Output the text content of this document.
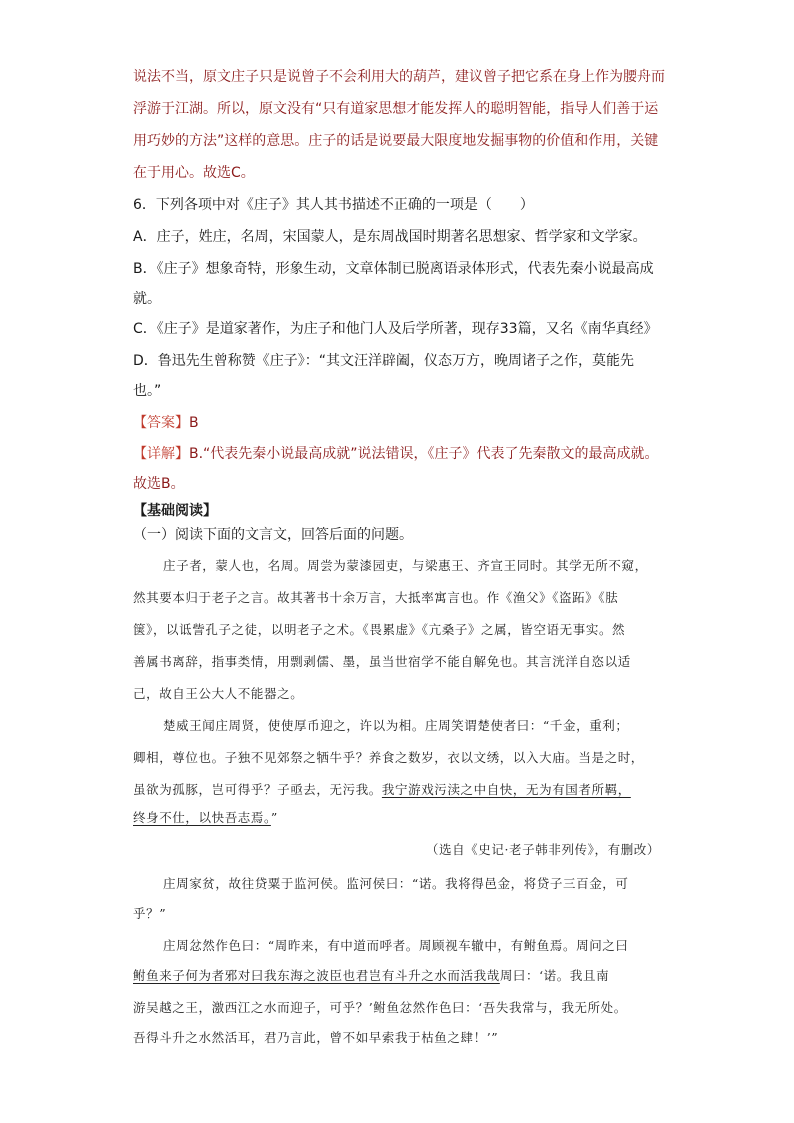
说法不当，原文庄子只是说曾子不会利用大的葫芦，建议曾子把它系在身上作为腰舟而
浮游于江湖。所以，原文没有“只有道家思想才能发挥人的聪明智能，指导人们善于运
用巧妙的方法”这样的意思。庄子的话是说要最大限度地发掘事物的价值和作用，关键
在于用心。故选C。
6．下列各项中对《庄子》其人其书描述不正确的一项是（　　）
A．庄子，姓庄，名周，宋国蒙人，是东周战国时期著名思想家、哲学家和文学家。
B．《庄子》想象奇特，形象生动，文章体制已脱离语录体形式，代表先秦小说最高成
就。
C．《庄子》是道家著作，为庄子和他门人及后学所著，现存33篇，又名《南华真经》
D．鲁迅先生曾称赞《庄子》：“其文汪洋辟阖，仪态万方，晚周诸子之作，莫能先
也。”
【答案】B
【详解】B.“代表先秦小说最高成就”说法错误，《庄子》代表了先秦散文的最高成就。
故选B。
【基础阅读】
（一）阅读下面的文言文，回答后面的问题。
庄子者，蒙人也，名周。周尝为蒙漆园吏，与梁惠王、齐宣王同时。其学无所不窥，
然其要本归于老子之言。故其著书十余万言，大抵率寓言也。作《渔父》《盗跖》《胠
箧》，以诋訾孔子之徒，以明老子之术。《畏累虚》《亢桑子》之属，皆空语无事实。然
善属书离辞，指事类情，用剽剥儒、墨，虽当世宿学不能自解免也。其言洸洋自恣以适
己，故自王公大人不能器之。
楚威王闻庄周贤，使使厚币迎之，许以为相。庄周笑谓楚使者曰：“千金，重利；
卿相，尊位也。子独不见郊祭之牺牛乎？养食之数岁，衣以文绣，以入大庙。当是之时，
虽欲为孤豚，岂可得乎？子亟去，无污我。我宁游戏污渎之中自快，无为有国者所羁，
终身不仕，以快吾志焉。”
（选自《史记·老子韩非列传》，有删改）
庄周家贫，故往贷粟于监河侯。监河侯曰：“诺。我将得邑金，将贷子三百金，可
乎？”
庄周忿然作色曰：“周昨来，有中道而呼者。周顾视车辙中，有鲋鱼焉。周问之曰
鲋鱼来子何为者邪对曰我东海之波臣也君岂有斗升之水而活我哉周曰：‘诺。我且南
游吴越之王，激西江之水而迎子，可乎？’鲋鱼忿然作色曰：‘吾失我常与，我无所处。
吾得斗升之水然活耳，君乃言此，曾不如早索我于枯鱼之肆！’”
